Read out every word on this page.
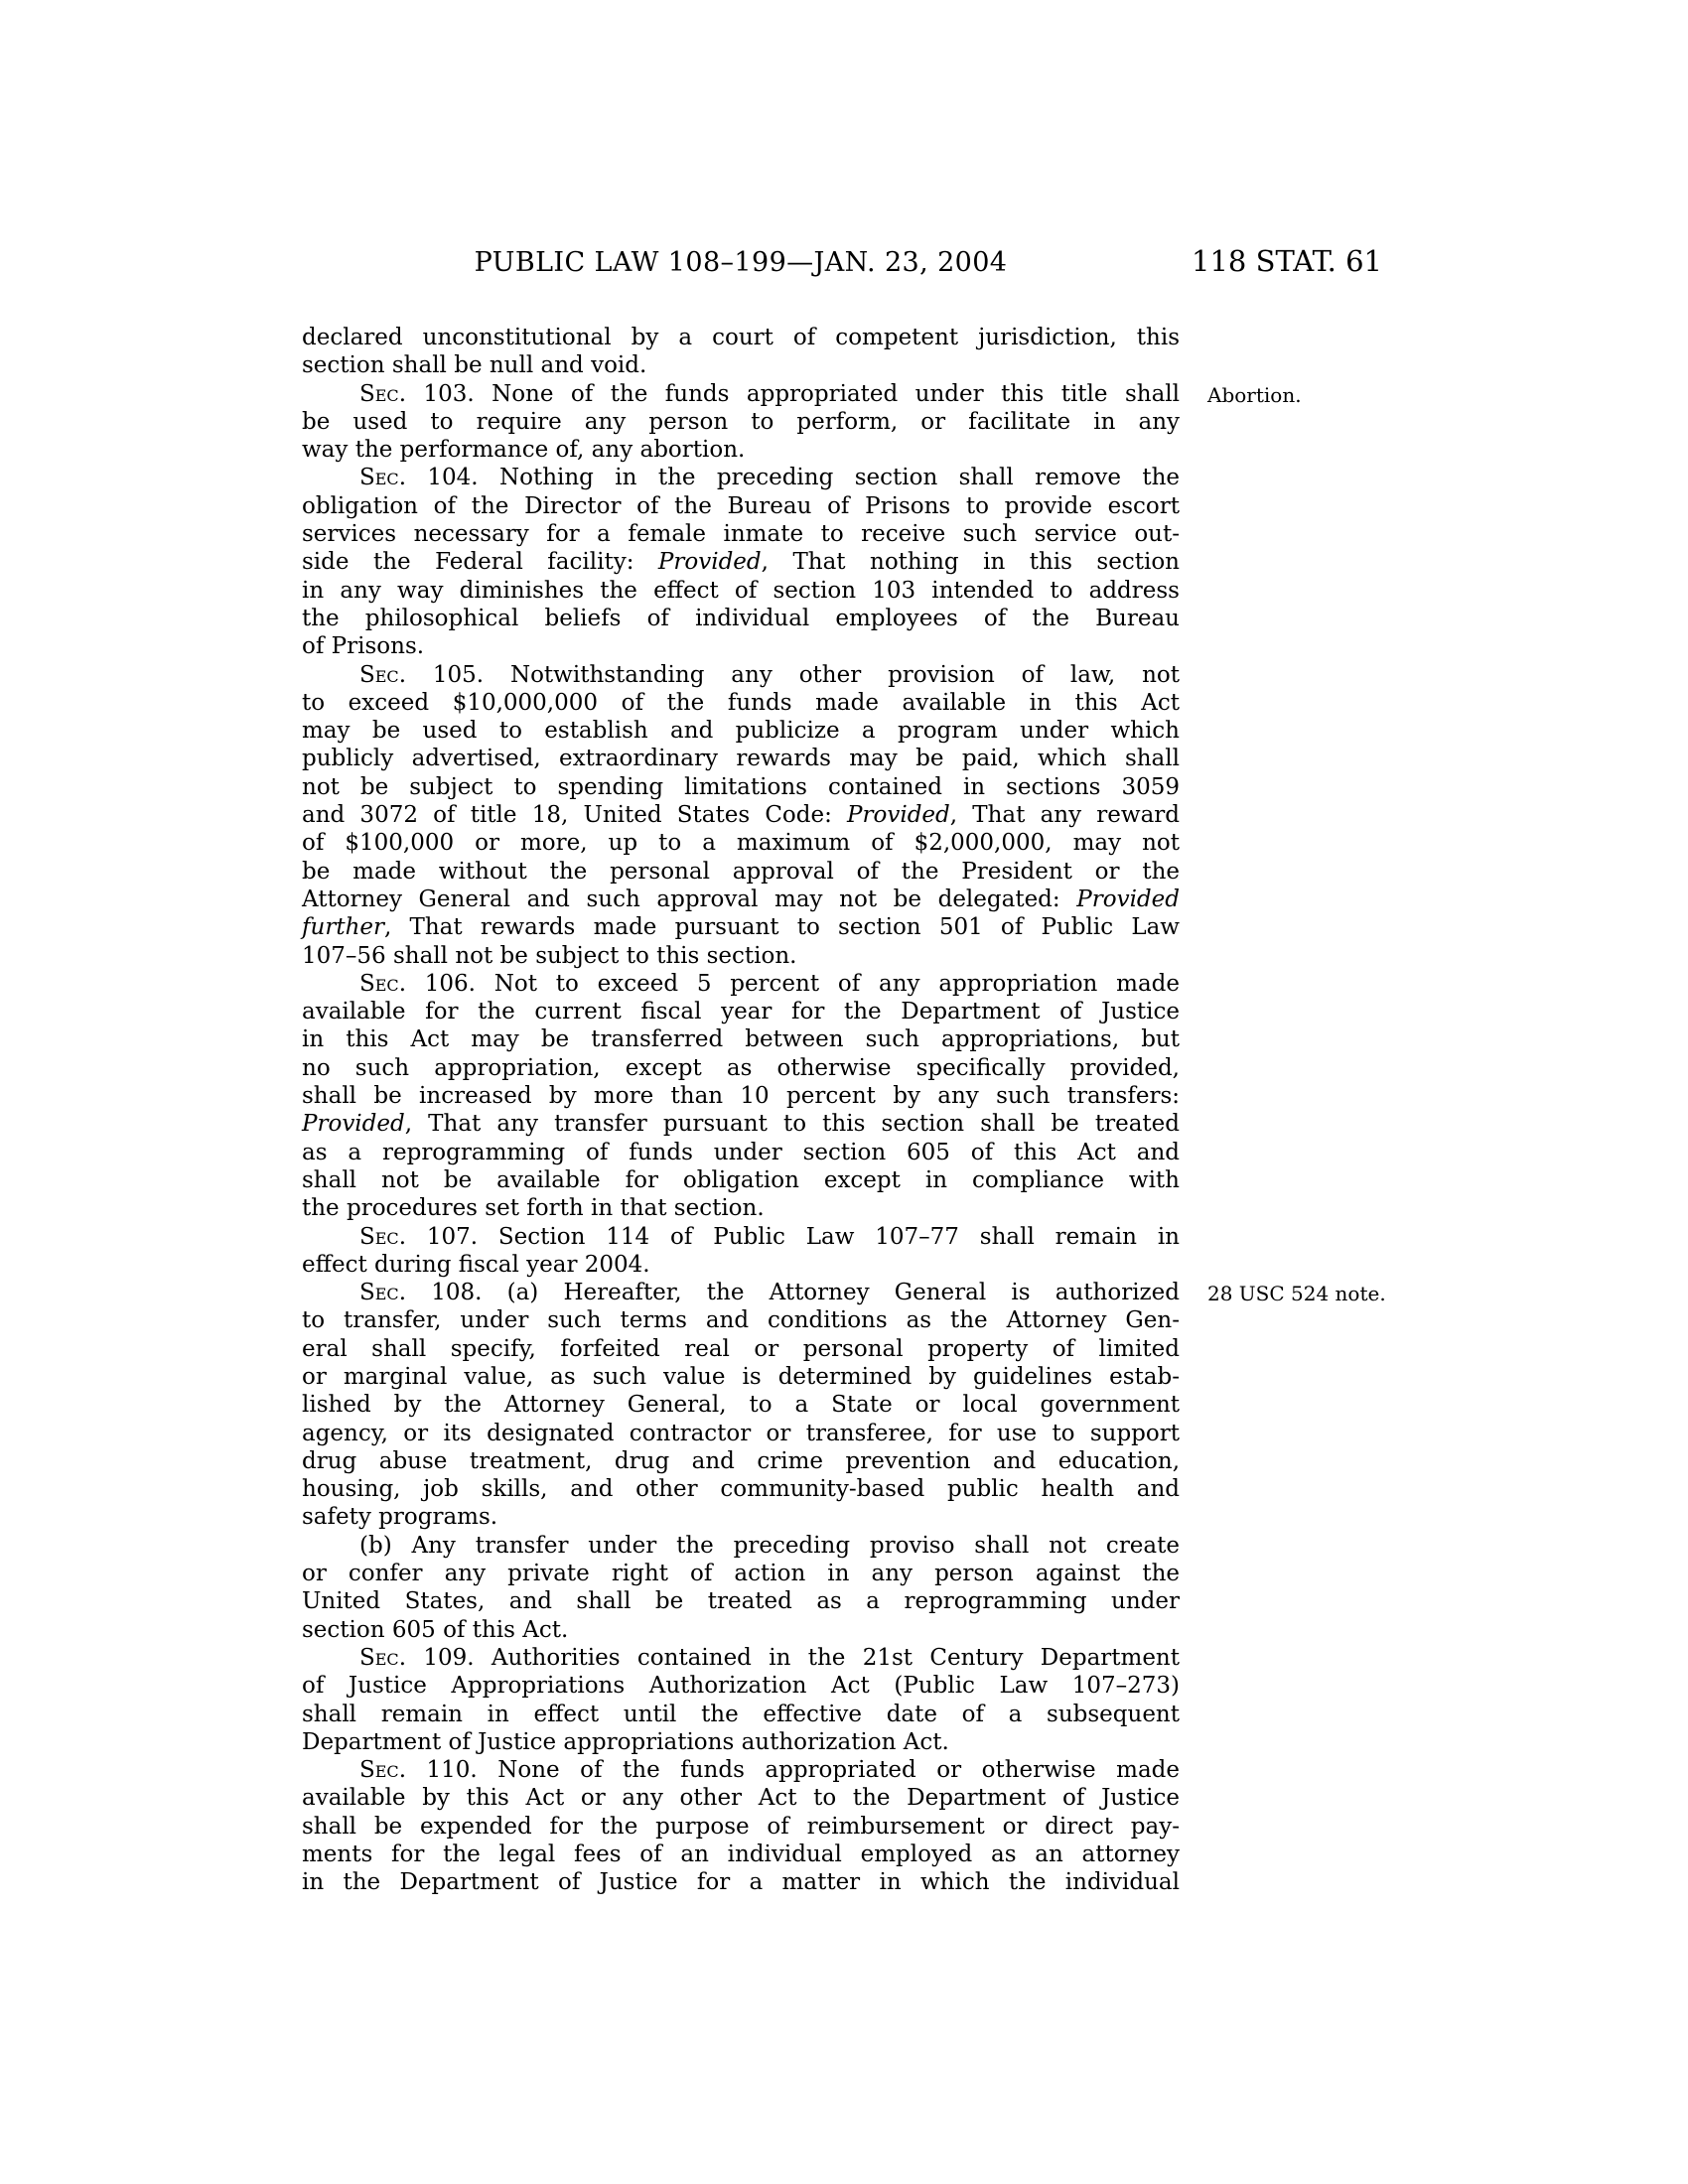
PUBLIC LAW 108–199—JAN. 23, 2004	118 STAT. 61
declared unconstitutional by a court of competent jurisdiction, this
section shall be null and void.
Sec. 103. None of the funds appropriated under this title shall
be used to require any person to perform, or facilitate in any
way the performance of, any abortion.
Abortion.
Sec. 104. Nothing in the preceding section shall remove the
obligation of the Director of the Bureau of Prisons to provide escort
services necessary for a female inmate to receive such service out-
side the Federal facility: Provided, That nothing in this section
in any way diminishes the effect of section 103 intended to address
the philosophical beliefs of individual employees of the Bureau
of Prisons.
Sec. 105. Notwithstanding any other provision of law, not
to exceed $10,000,000 of the funds made available in this Act
may be used to establish and publicize a program under which
publicly advertised, extraordinary rewards may be paid, which shall
not be subject to spending limitations contained in sections 3059
and 3072 of title 18, United States Code: Provided, That any reward
of $100,000 or more, up to a maximum of $2,000,000, may not
be made without the personal approval of the President or the
Attorney General and such approval may not be delegated: Provided
further, That rewards made pursuant to section 501 of Public Law
107–56 shall not be subject to this section.
Sec. 106. Not to exceed 5 percent of any appropriation made
available for the current fiscal year for the Department of Justice
in this Act may be transferred between such appropriations, but
no such appropriation, except as otherwise specifically provided,
shall be increased by more than 10 percent by any such transfers:
Provided, That any transfer pursuant to this section shall be treated
as a reprogramming of funds under section 605 of this Act and
shall not be available for obligation except in compliance with
the procedures set forth in that section.
Sec. 107. Section 114 of Public Law 107–77 shall remain in
effect during fiscal year 2004.
Sec. 108. (a) Hereafter, the Attorney General is authorized
to transfer, under such terms and conditions as the Attorney Gen-
eral shall specify, forfeited real or personal property of limited
or marginal value, as such value is determined by guidelines estab-
lished by the Attorney General, to a State or local government
agency, or its designated contractor or transferee, for use to support
drug abuse treatment, drug and crime prevention and education,
housing, job skills, and other community-based public health and
safety programs.
28 USC 524 note.
(b) Any transfer under the preceding proviso shall not create
or confer any private right of action in any person against the
United States, and shall be treated as a reprogramming under
section 605 of this Act.
Sec. 109. Authorities contained in the 21st Century Department
of Justice Appropriations Authorization Act (Public Law 107–273)
shall remain in effect until the effective date of a subsequent
Department of Justice appropriations authorization Act.
Sec. 110. None of the funds appropriated or otherwise made
available by this Act or any other Act to the Department of Justice
shall be expended for the purpose of reimbursement or direct pay-
ments for the legal fees of an individual employed as an attorney
in the Department of Justice for a matter in which the individual
